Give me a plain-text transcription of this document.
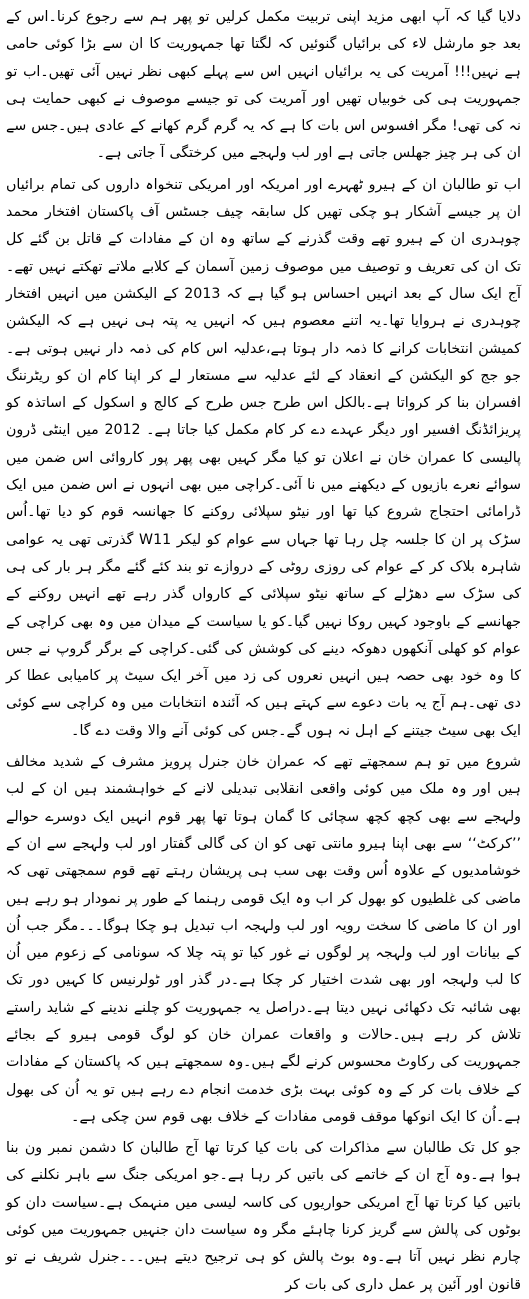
دلایا گیا کہ آپ ابھی مزید اپنی تربیت مکمل کرلیں تو پھر ہم سے رجوع کرنا۔اس کے بعد جو مارشل لاء کی برائیاں گنوئیں کہ لگتا تھا جمہوریت کا ان سے بڑا کوئی حامی ہے نہیں!!! آمریت کی یہ برائیاں انہیں اس سے پہلے کبھی نظر نہیں آئی تھیں۔اب تو جمہوریت ہی کی خوبیاں تھیں اور آمریت کی تو جیسے موصوف نے کبھی حمایت ہی نہ کی تھی! مگر افسوس اس بات کا ہے کہ یہ گرم گرم کھانے کے عادی ہیں۔جس سے ان کی ہر چیز جھلس جاتی ہے اور لب ولہجے میں کرختگی آ جاتی ہے۔

اب تو طالبان ان کے ہیرو ٹھہرے اور امریکہ اور امریکی تنخواہ داروں کی تمام برائیاں ان پر جیسے آشکار ہو چکی تھیں کل سابقہ چیف جسٹس آف پاکستان افتخار محمد چوہدری ان کے ہیرو تھے وقت گذرنے کے ساتھ وہ ان کے مفادات کے قاتل بن گئے کل تک ان کی تعریف و توصیف میں موصوف زمین آسمان کے کلابے ملاتے تھکتے نہیں تھے۔آج ایک سال کے بعد انہیں احساس ہو گیا ہے کہ 2013 کے الیکشن میں انہیں افتخار چوہدری نے ہروایا تھا۔یہ اتنے معصوم ہیں کہ انہیں یہ پتہ ہی نہیں ہے کہ الیکشن کمیشن انتخابات کرانے کا ذمہ دار ہوتا ہے،عدلیہ اس کام کی ذمہ دار نہیں ہوتی ہے۔ جو جج کو الیکشن کے انعقاد کے لئے عدلیہ سے مستعار لے کر اپنا کام ان کو ریٹرننگ افسران بنا کر کرواتا ہے۔بالکل اس طرح جس طرح کے کالج و اسکول کے اساتذہ کو پریزائڈنگ افسیر اور دیگر عہدے دے کر کام مکمل کیا جاتا ہے۔ 2012 میں اینٹی ڈرون پالیسی کا عمران خان نے اعلان تو کیا مگر کہیں بھی پھر پور کاروائی اس ضمن میں سوائے نعرے بازیوں کے دیکھنے میں نا آئی۔کراچی میں بھی انہوں نے اس ضمن میں ایک ڈرامائی احتجاج شروع کیا تھا اور نیٹو سپلائی روکنے کا جھانسہ قوم کو دیا تھا۔اُس سڑک پر ان کا جلسہ چل رہا تھا جہاں سے عوام کو لیکر W11 گذرتی تھی یہ عوامی شاہرہ بلاک کر کے عوام کی روزی روٹی کے دروازے تو بند کئے گئے مگر ہر بار کی ہی کی سڑک سے دھڑلے کے ساتھ نیٹو سپلائی کے کارواں گذر رہے تھے انہیں روکنے کے جھانسے کے باوجود کہیں روکا نہیں گیا۔کو یا سیاست کے میدان میں وہ بھی کراچی کے عوام کو کھلی آنکھوں دھوکہ دینے کی کوشش کی گئی۔کراچی کے برگر گروپ نے جس کا وہ خود بھی حصہ ہیں انہیں نعروں کی زد میں آخر ایک سیٹ پر کامیابی عطا کر دی تھی۔ہم آج یہ بات دعوے سے کہتے ہیں کہ آئندہ انتخابات میں وہ کراچی سے کوئی ایک بھی سیٹ جیتنے کے اہل نہ ہوں گے۔جس کی کوئی آنے والا وقت دے گا۔

شروع میں تو ہم سمجھتے تھے کہ عمران خان جنرل پرویز مشرف کے شدید مخالف ہیں اور وہ ملک میں کوئی واقعی انقلابی تبدیلی لانے کے خواہشمند ہیں ان کے لب ولہجے سے بھی کچھ کچھ سچائی کا گمان ہوتا تھا پھر قوم انہیں ایک دوسرے حوالے ’’کرکٹ‘‘ سے بھی اپنا ہیرو مانتی تھی کو ان کی گالی گفتار اور لب ولہجے سے ان کے خوشامدیوں کے علاوہ اُس وقت بھی سب ہی پریشان رہتے تھے قوم سمجھتی تھی کہ ماضی کی غلطیوں کو بھول کر اب وہ ایک قومی رہنما کے طور پر نمودار ہو رہے ہیں اور ان کا ماضی کا سخت رویہ اور لب ولہجہ اب تبدیل ہو چکا ہوگا۔۔۔مگر جب اُن کے بیانات اور لب ولہجہ پر لوگوں نے غور کیا تو پتہ چلا کہ سونامی کے زعوم میں اُن کا لب ولہجہ اور بھی شدت اختیار کر چکا ہے۔در گذر اور ٹولرنیس کا کہیں دور تک بھی شائبہ تک دکھائی نہیں دیتا ہے۔دراصل یہ جمہوریت کو چلنے ندینے کے شاید راستے تلاش کر رہے ہیں۔حالات و واقعات عمران خان کو لوگ قومی ہیرو کے بجائے جمہوریت کی رکاوٹ محسوس کرنے لگے ہیں۔وہ سمجھتے ہیں کہ پاکستان کے مفادات کے خلاف بات کر کے وہ کوئی بہت بڑی خدمت انجام دے رہے ہیں تو یہ اُن کی بھول ہے۔اُن کا ایک انوکھا موقف قومی مفادات کے خلاف بھی قوم سن چکی ہے۔

جو کل تک طالبان سے مذاکرات کی بات کیا کرتا تھا آج طالبان کا دشمن نمبر ون بنا ہوا ہے۔وہ آج ان کے خاتمے کی باتیں کر رہا ہے۔جو امریکی جنگ سے باہر نکلنے کی باتیں کیا کرتا تھا آج امریکی حواریوں کی کاسہ لیسی میں منہمک ہے۔سیاست دان کو بوٹوں کی پالش سے گریز کرنا چاہئے مگر وہ سیاست دان جنہیں جمہوریت میں کوئی چارم نظر نہیں آتا ہے۔وہ بوٹ پالش کو ہی ترجیح دیتے ہیں۔۔۔جنرل شریف نے تو قانون اور آئین پر عمل داری کی بات کر
